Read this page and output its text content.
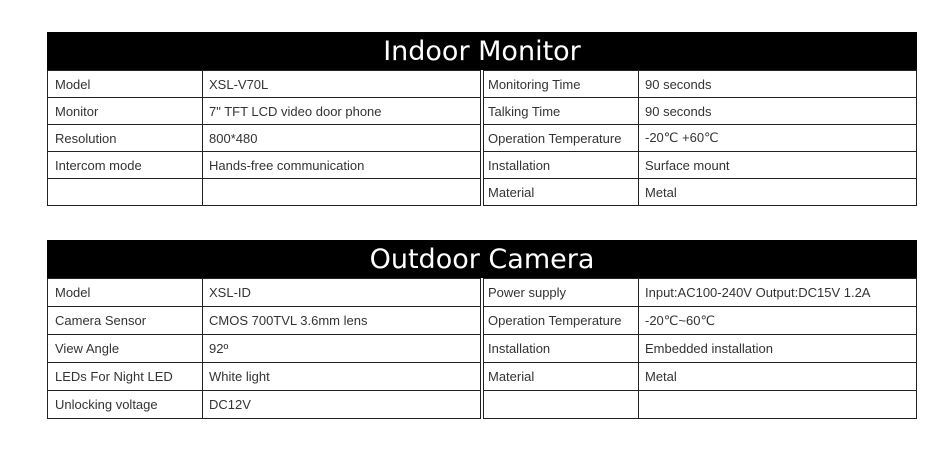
Indoor Monitor
Model	XSL-V70L
Monitor	7" TFT LCD video door phone
Resolution	800*480
Intercom mode	Hands-free communication

Monitoring Time	90 seconds
Talking Time	90 seconds
Operation Temperature	-20℃ +60℃
Installation	Surface mount
Material	Metal
Outdoor Camera
Model	XSL-ID
Camera Sensor	CMOS 700TVL 3.6mm lens
View Angle	92º
LEDs For Night LED	White light
Unlocking voltage	DC12V
Power supply	Input:AC100-240V Output:DC15V 1.2A
Operation Temperature	-20℃~60℃
Installation	Embedded installation
Material	Metal
